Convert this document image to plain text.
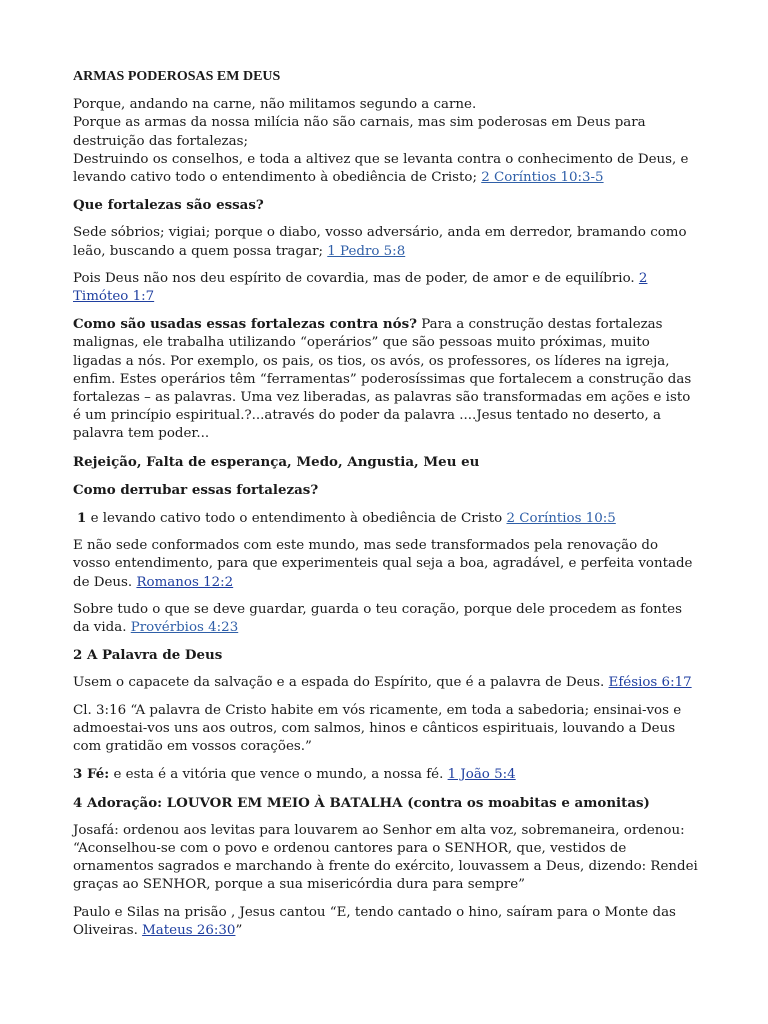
ARMAS PODEROSAS EM DEUS

Porque, andando na carne, não militamos segundo a carne.
Porque as armas da nossa milícia não são carnais, mas sim poderosas em Deus para destruição das fortalezas;
Destruindo os conselhos, e toda a altivez que se levanta contra o conhecimento de Deus, e levando cativo todo o entendimento à obediência de Cristo; 2 Coríntios 10:3-5

Que fortalezas são essas?

Sede sóbrios; vigiai; porque o diabo, vosso adversário, anda em derredor, bramando como leão, buscando a quem possa tragar; 1 Pedro 5:8

Pois Deus não nos deu espírito de covardia, mas de poder, de amor e de equilíbrio. 2 Timóteo 1:7

Como são usadas essas fortalezas contra nós? Para a construção destas fortalezas malignas, ele trabalha utilizando “operários” que são pessoas muito próximas, muito ligadas a nós. Por exemplo, os pais, os tios, os avós, os professores, os líderes na igreja, enfim. Estes operários têm “ferramentas” poderosíssimas que fortalecem a construção das fortalezas – as palavras. Uma vez liberadas, as palavras são transformadas em ações e isto é um princípio espiritual.?...através do poder da palavra ....Jesus tentado no deserto, a palavra tem poder...

Rejeição, Falta de esperança, Medo, Angustia, Meu eu

Como derrubar essas fortalezas?

1 e levando cativo todo o entendimento à obediência de Cristo 2 Coríntios 10:5

E não sede conformados com este mundo, mas sede transformados pela renovação do vosso entendimento, para que experimenteis qual seja a boa, agradável, e perfeita vontade de Deus. Romanos 12:2

Sobre tudo o que se deve guardar, guarda o teu coração, porque dele procedem as fontes da vida. Provérbios 4:23

2 A Palavra de Deus

Usem o capacete da salvação e a espada do Espírito, que é a palavra de Deus. Efésios 6:17

Cl. 3:16 “A palavra de Cristo habite em vós ricamente, em toda a sabedoria; ensinai-vos e admoestai-vos uns aos outros, com salmos, hinos e cânticos espirituais, louvando a Deus com gratidão em vossos corações.”

3 Fé: e esta é a vitória que vence o mundo, a nossa fé. 1 João 5:4

4 Adoração: LOUVOR EM MEIO À BATALHA (contra os moabitas e amonitas)

Josafá: ordenou aos levitas para louvarem ao Senhor em alta voz, sobremaneira, ordenou: “Aconselhou-se com o povo e ordenou cantores para o SENHOR, que, vestidos de ornamentos sagrados e marchando à frente do exército, louvassem a Deus, dizendo: Rendei graças ao SENHOR, porque a sua misericórdia dura para sempre”

Paulo e Silas na prisão , Jesus cantou “E, tendo cantado o hino, saíram para o Monte das Oliveiras. Mateus 26:30”
